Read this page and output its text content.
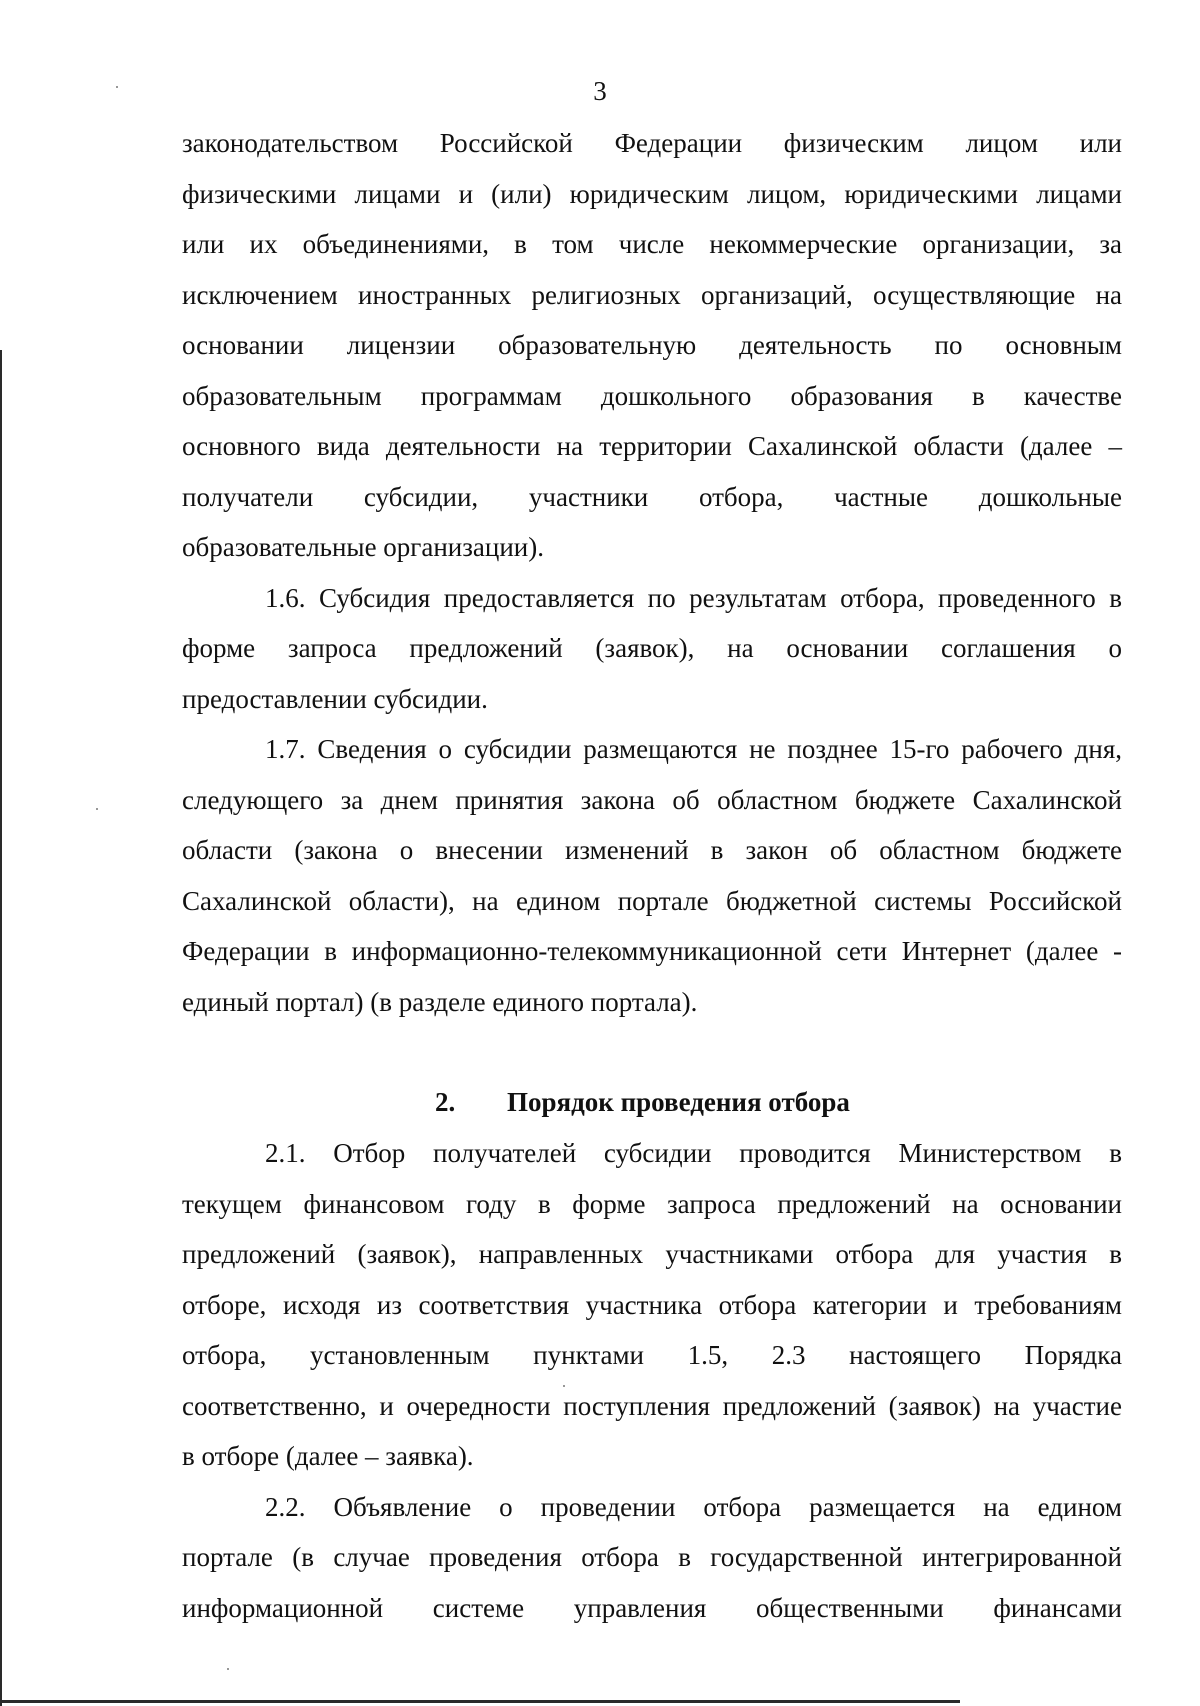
3
законодательством Российской Федерации физическим лицом или
физическими лицами и (или) юридическим лицом, юридическими лицами
или их объединениями, в том числе некоммерческие организации, за
исключением иностранных религиозных организаций, осуществляющие на
основании лицензии образовательную деятельность по основным
образовательным программам дошкольного образования в качестве
основного вида деятельности на территории Сахалинской области (далее –
получатели субсидии, участники отбора, частные дошкольные
образовательные организации).
1.6. Субсидия предоставляется по результатам отбора, проведенного в
форме запроса предложений (заявок), на основании соглашения о
предоставлении субсидии.
1.7. Сведения о субсидии размещаются не позднее 15-го рабочего дня,
следующего за днем принятия закона об областном бюджете Сахалинской
области (закона о внесении изменений в закон об областном бюджете
Сахалинской области), на едином портале бюджетной системы Российской
Федерации в информационно-телекоммуникационной сети Интернет (далее -
единый портал) (в разделе единого портала).
2. Порядок проведения отбора
2.1. Отбор получателей субсидии проводится Министерством в
текущем финансовом году в форме запроса предложений на основании
предложений (заявок), направленных участниками отбора для участия в
отборе, исходя из соответствия участника отбора категории и требованиям
отбора, установленным пунктами 1.5, 2.3 настоящего Порядка
соответственно, и очередности поступления предложений (заявок) на участие
в отборе (далее – заявка).
2.2. Объявление о проведении отбора размещается на едином
портале (в случае проведения отбора в государственной интегрированной
информационной системе управления общественными финансами
